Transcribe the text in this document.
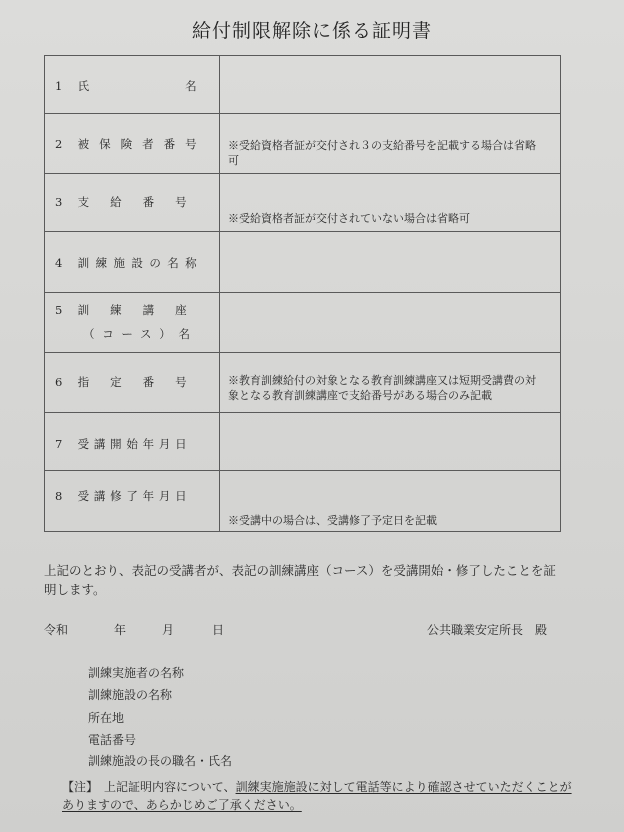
給付制限解除に係る証明書
1 氏名	

2 被保険者番号	※受給資格者証が交付され３の支給番号を記載する場合は省略可

3 支給番号	※受給資格者証が交付されていない場合は省略可

4 訓練施設の名称	

5 訓練講座
（コース）名	

6 指定番号	※教育訓練給付の対象となる教育訓練講座又は短期受講費の対象となる教育訓練講座で支給番号がある場合のみ記載

7 受講開始年月日	

8 受講修了年月日	※受講中の場合は、受講修了予定日を記載
上記のとおり、表記の受講者が、表記の訓練講座（コース）を受講開始・修了したことを証明します。
令和	年	月	日	公共職業安定所長　殿
訓練実施者の名称
訓練施設の名称
所在地
電話番号
訓練施設の長の職名・氏名
【注】　 上記証明内容について、訓練実施施設に対して電話等により確認させていただくことがありますので、あらかじめご了承ください。
